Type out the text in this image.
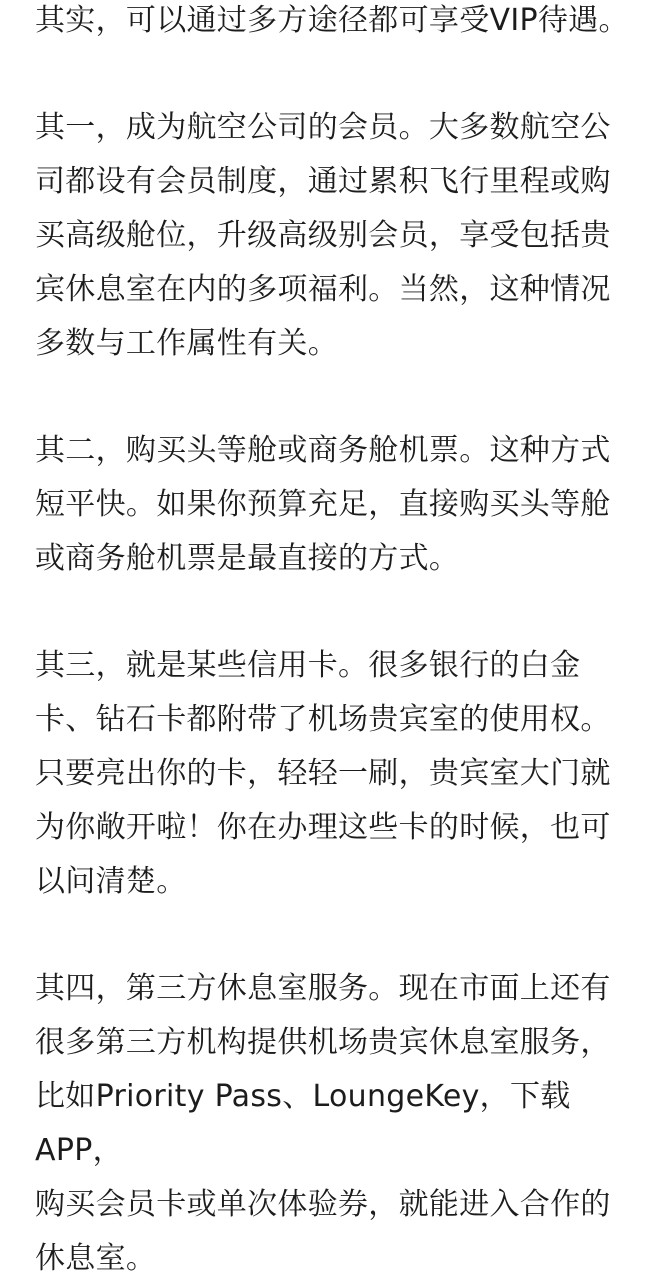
其实，可以通过多方途径都可享受VIP待遇。

其一，成为航空公司的会员。大多数航空公
司都设有会员制度，通过累积飞行里程或购
买高级舱位，升级高级别会员，享受包括贵
宾休息室在内的多项福利。当然，这种情况
多数与工作属性有关。

其二，购买头等舱或商务舱机票。这种方式
短平快。如果你预算充足，直接购买头等舱
或商务舱机票是最直接的方式。

其三，就是某些信用卡。很多银行的白金
卡、钻石卡都附带了机场贵宾室的使用权。
只要亮出你的卡，轻轻一刷，贵宾室大门就
为你敞开啦！你在办理这些卡的时候，也可
以问清楚。

其四，第三方休息室服务。现在市面上还有
很多第三方机构提供机场贵宾休息室服务，
比如Priority Pass、LoungeKey，下载APP，
购买会员卡或单次体验券，就能进入合作的
休息室。
